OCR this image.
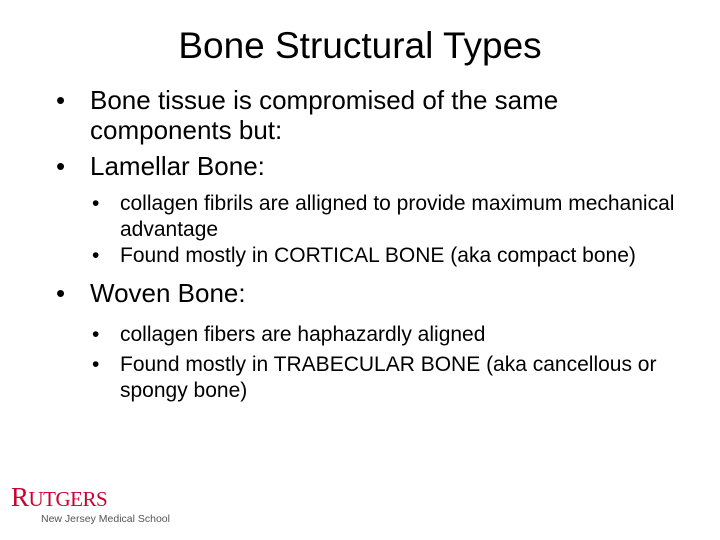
Bone Structural Types
• Bone tissue is compromised of the same components but:
• Lamellar Bone:
• collagen fibrils are alligned to provide maximum mechanical advantage
• Found mostly in CORTICAL BONE (aka compact bone)
• Woven Bone:
• collagen fibers are haphazardly aligned
• Found mostly in TRABECULAR BONE (aka cancellous or spongy bone)
RUTGERS
New Jersey Medical School
